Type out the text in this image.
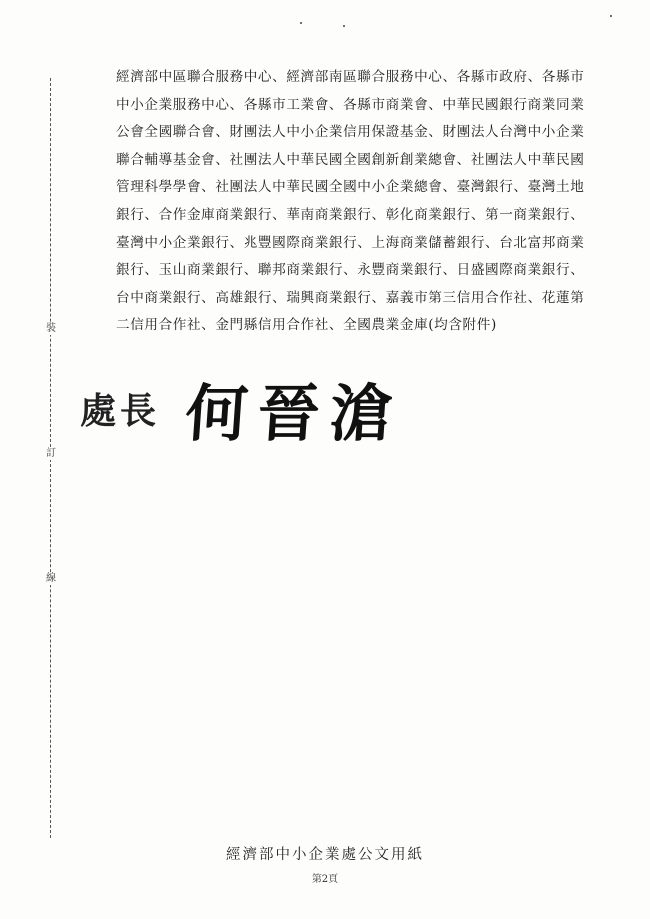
裝
訂
線
經濟部中區聯合服務中心、經濟部南區聯合服務中心、各縣市政府、各縣市
中小企業服務中心、各縣市工業會、各縣市商業會、中華民國銀行商業同業
公會全國聯合會、財團法人中小企業信用保證基金、財團法人台灣中小企業
聯合輔導基金會、社團法人中華民國全國創新創業總會、社團法人中華民國
管理科學學會、社團法人中華民國全國中小企業總會、臺灣銀行、臺灣土地
銀行、合作金庫商業銀行、華南商業銀行、彰化商業銀行、第一商業銀行、
臺灣中小企業銀行、兆豐國際商業銀行、上海商業儲蓄銀行、台北富邦商業
銀行、玉山商業銀行、聯邦商業銀行、永豐商業銀行、日盛國際商業銀行、
台中商業銀行、高雄銀行、瑞興商業銀行、嘉義市第三信用合作社、花蓮第
二信用合作社、金門縣信用合作社、全國農業金庫(均含附件)
處長 何晉滄
經濟部中小企業處公文用紙
第2頁
